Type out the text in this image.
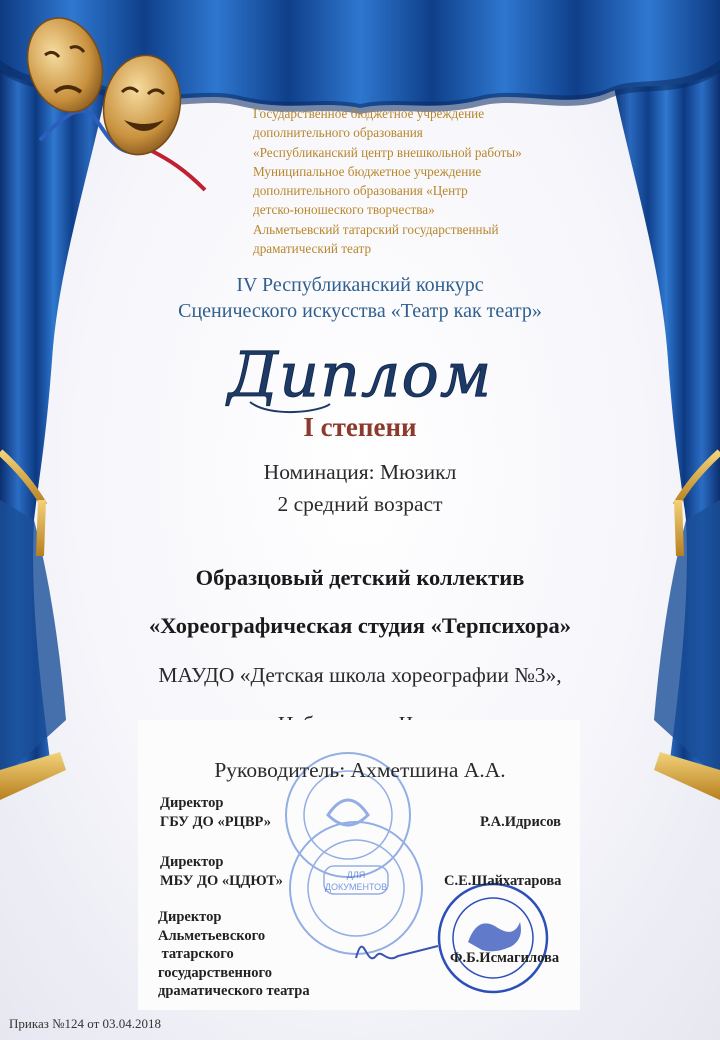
Государственное бюджетное учреждение
дополнительного образования
«Республиканский центр внешкольной работы»
Муниципальное бюджетное учреждение
дополнительного образования «Центр
детско-юношеского творчества»
Альметьевский татарский государственный
драматический театр
IV Республиканский конкурс
Сценического искусства «Театр как театр»
Диплом
I степени
Номинация: Мюзикл
2 средний возраст
Образцовый детский коллектив
«Хореографическая студия «Терпсихора»
МАУДО «Детская школа хореографии №3»,
ДЛЯ
ДОКУМЕНТОВ
Директор
ГБУ ДО «РЦВР»	Р.А.Идрисов
Директор
МБУ ДО «ЦДЮТ»	С.Е.Шайхатарова
Директор
Альметьевского
татарского
государственного
драматического театра
Ф.Б.Исмагилова
Руководитель: Ахметшина А.А.
Приказ №124 от 03.04.2018
